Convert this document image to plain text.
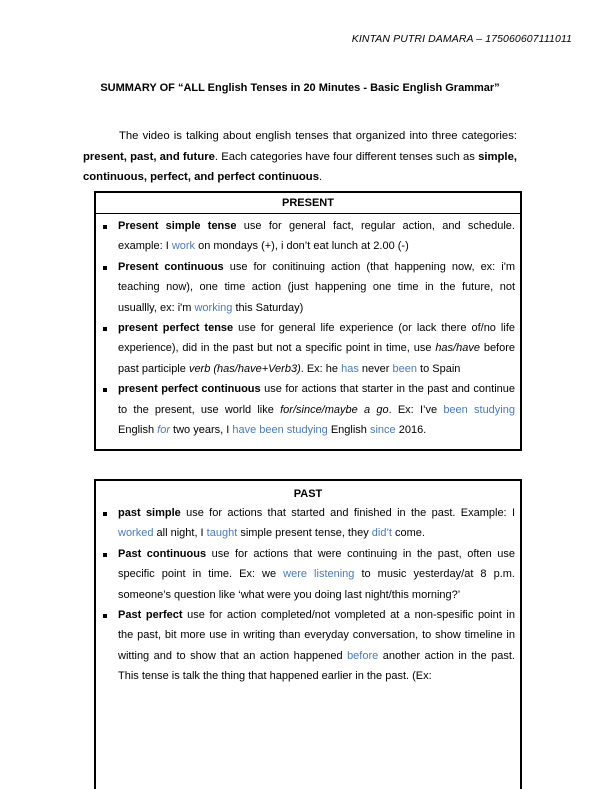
KINTAN PUTRI DAMARA – 175060607111011
SUMMARY OF “ALL English Tenses in 20 Minutes - Basic English Grammar”
The video is talking about english tenses that organized into three categories: present, past, and future. Each categories have four different tenses such as simple, continuous, perfect, and perfect continuous.
PRESENT
Present simple tense use for general fact, regular action, and schedule. example: I work on mondays (+), i don’t eat lunch at 2.00 (-)
Present continuous use for conitinuing action (that happening now, ex: i'm teaching now), one time action (just happening one time in the future, not usuallly, ex: i'm working this Saturday)
present perfect tense use for general life experience (or lack there of/no life experience), did in the past but not a specific point in time, use has/have before past participle verb (has/have+Verb3). Ex: he has never been to Spain
present perfect continuous use for actions that starter in the past and continue to the present, use world like for/since/maybe a go. Ex: I’ve been studying English for two years, I have been studying English since 2016.
PAST
past simple use for actions that started and finished in the past. Example: I worked all night, I taught simple present tense, they did’t come.
Past continuous use for actions that were continuing in the past, often use specific point in time. Ex: we were listening to music yesterday/at 8 p.m. someone’s question like ‘what were you doing last night/this morning?’
Past perfect use for action completed/not vompleted at a non-spesific point in the past, bit more use in writing than everyday conversation, to show timeline in witting and to show that an action happened before another action in the past. This tense is talk the thing that happened earlier in the past. (Ex:
